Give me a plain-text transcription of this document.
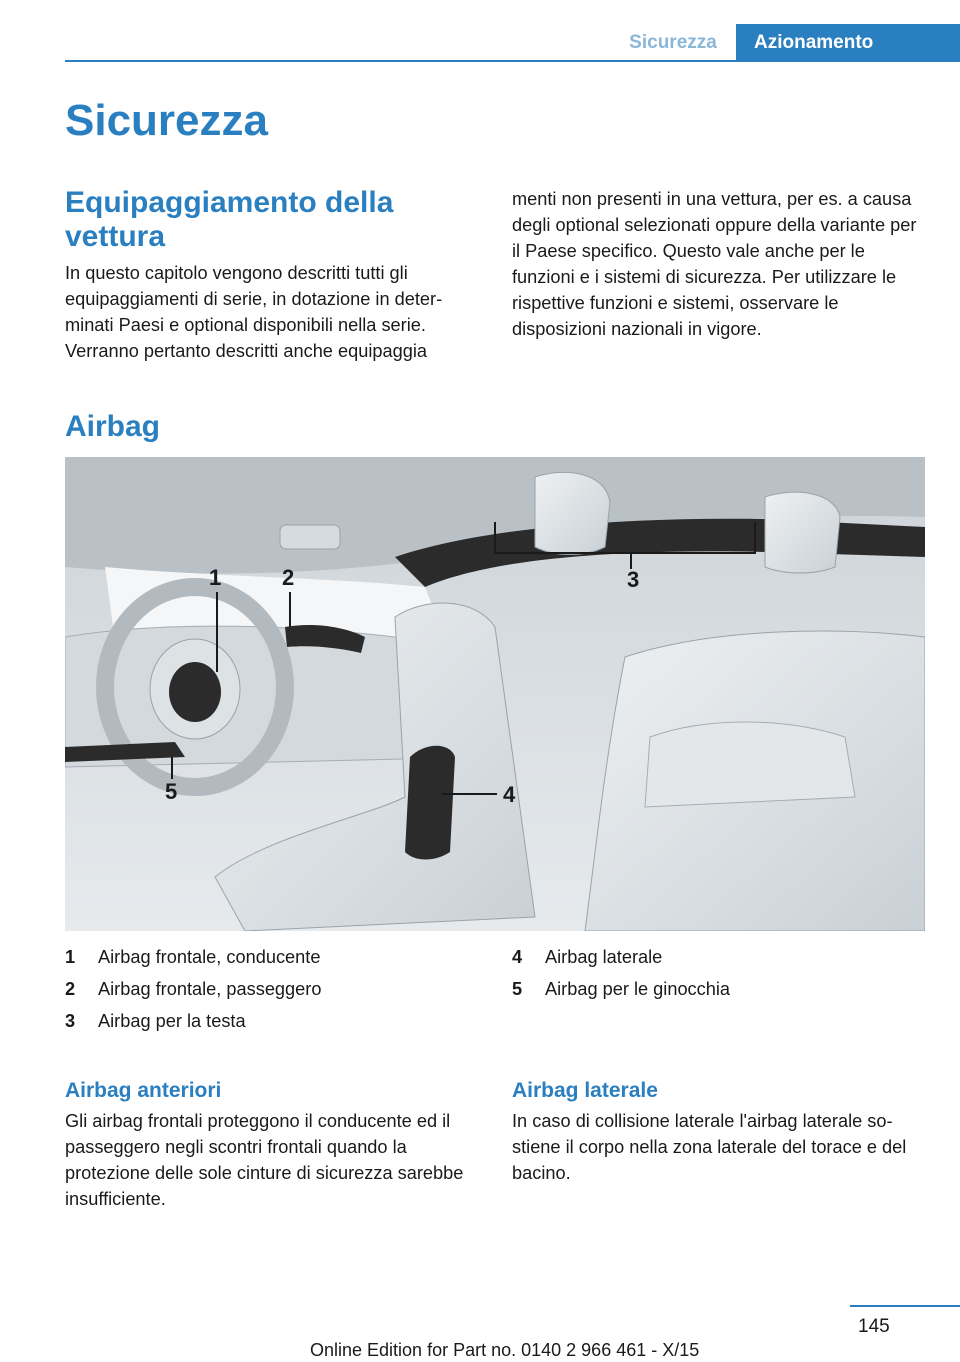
Sicurezza	Azionamento
Sicurezza
Equipaggiamento della vettura

In questo capitolo vengono descritti tutti gli equipaggiamenti di serie, in dotazione in determinati Paesi e optional disponibili nella serie. Verranno pertanto descritti anche equipaggia

menti non presenti in una vettura, per es. a causa degli optional selezionati oppure della variante per il Paese specifico. Questo vale anche per le funzioni e i sistemi di sicurezza. Per utilizzare le rispettive funzioni e sistemi, osservare le disposizioni nazionali in vigore.

Airbag
1	2	3
4
5
1 Airbag frontale, conducente
2 Airbag frontale, passeggero
3 Airbag per la testa
4 Airbag laterale
5 Airbag per le ginocchia
Airbag anteriori

Gli airbag frontali proteggono il conducente ed il passeggero negli scontri frontali quando la protezione delle sole cinture di sicurezza sarebbe insufficiente.

Airbag laterale

In caso di collisione laterale l'airbag laterale sostiene il corpo nella zona laterale del torace e del bacino.

145
Online Edition for Part no. 0140 2 966 461 - X/15
